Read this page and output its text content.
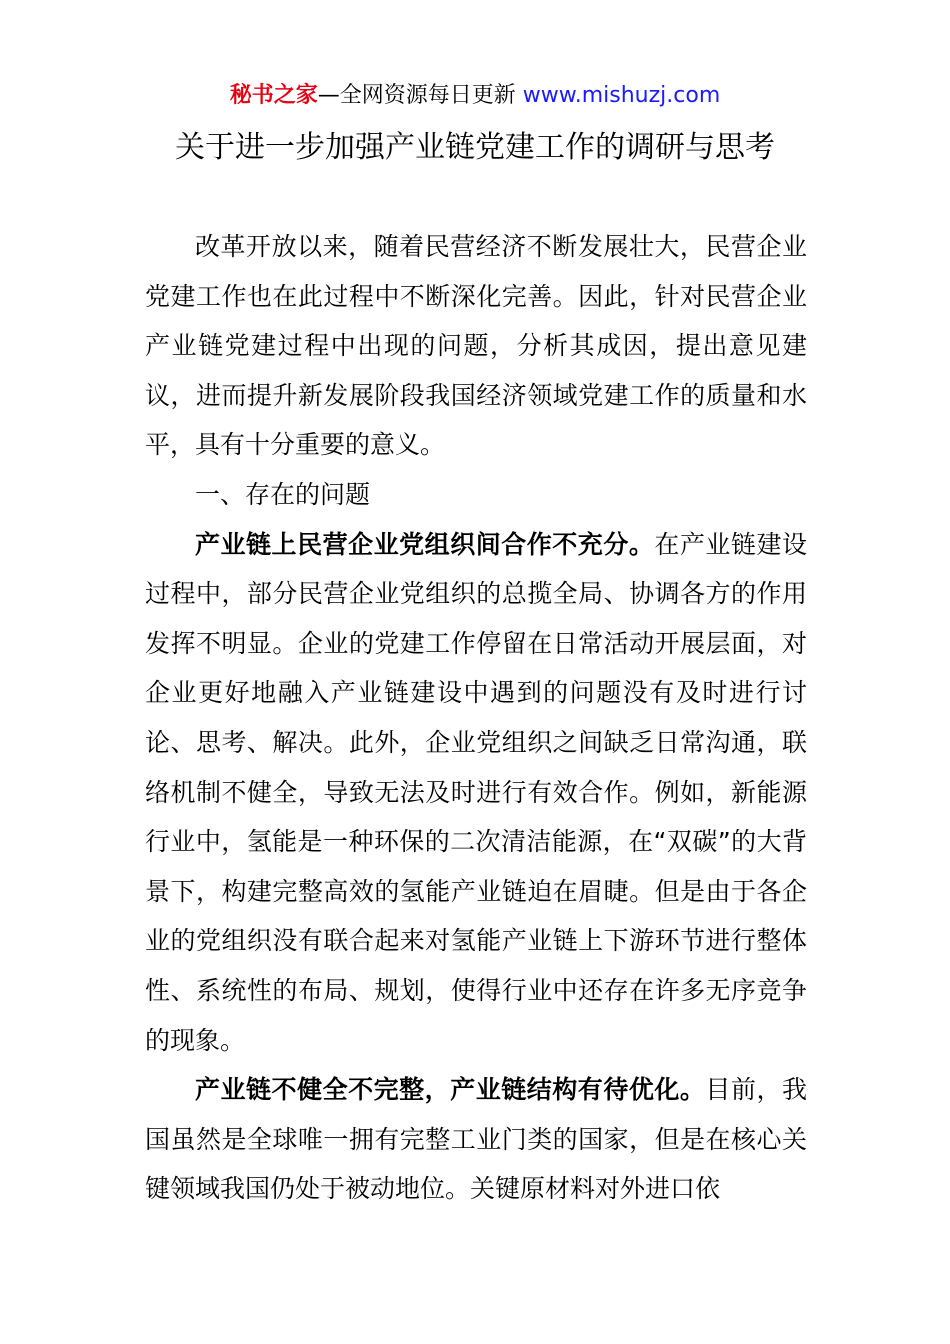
秘书之家—全网资源每日更新 www.mishuzj.com
关于进一步加强产业链党建工作的调研与思考

改革开放以来，随着民营经济不断发展壮大，民营企业党建工作也在此过程中不断深化完善。因此，针对民营企业产业链党建过程中出现的问题，分析其成因，提出意见建议，进而提升新发展阶段我国经济领域党建工作的质量和水平，具有十分重要的意义。

一、存在的问题

产业链上民营企业党组织间合作不充分。在产业链建设过程中，部分民营企业党组织的总揽全局、协调各方的作用发挥不明显。企业的党建工作停留在日常活动开展层面，对企业更好地融入产业链建设中遇到的问题没有及时进行讨论、思考、解决。此外，企业党组织之间缺乏日常沟通，联络机制不健全，导致无法及时进行有效合作。例如，新能源行业中，氢能是一种环保的二次清洁能源，在“双碳”的大背景下，构建完整高效的氢能产业链迫在眉睫。但是由于各企业的党组织没有联合起来对氢能产业链上下游环节进行整体性、系统性的布局、规划，使得行业中还存在许多无序竞争的现象。

产业链不健全不完整，产业链结构有待优化。目前，我国虽然是全球唯一拥有完整工业门类的国家，但是在核心关键领域我国仍处于被动地位。关键原材料对外进口依
